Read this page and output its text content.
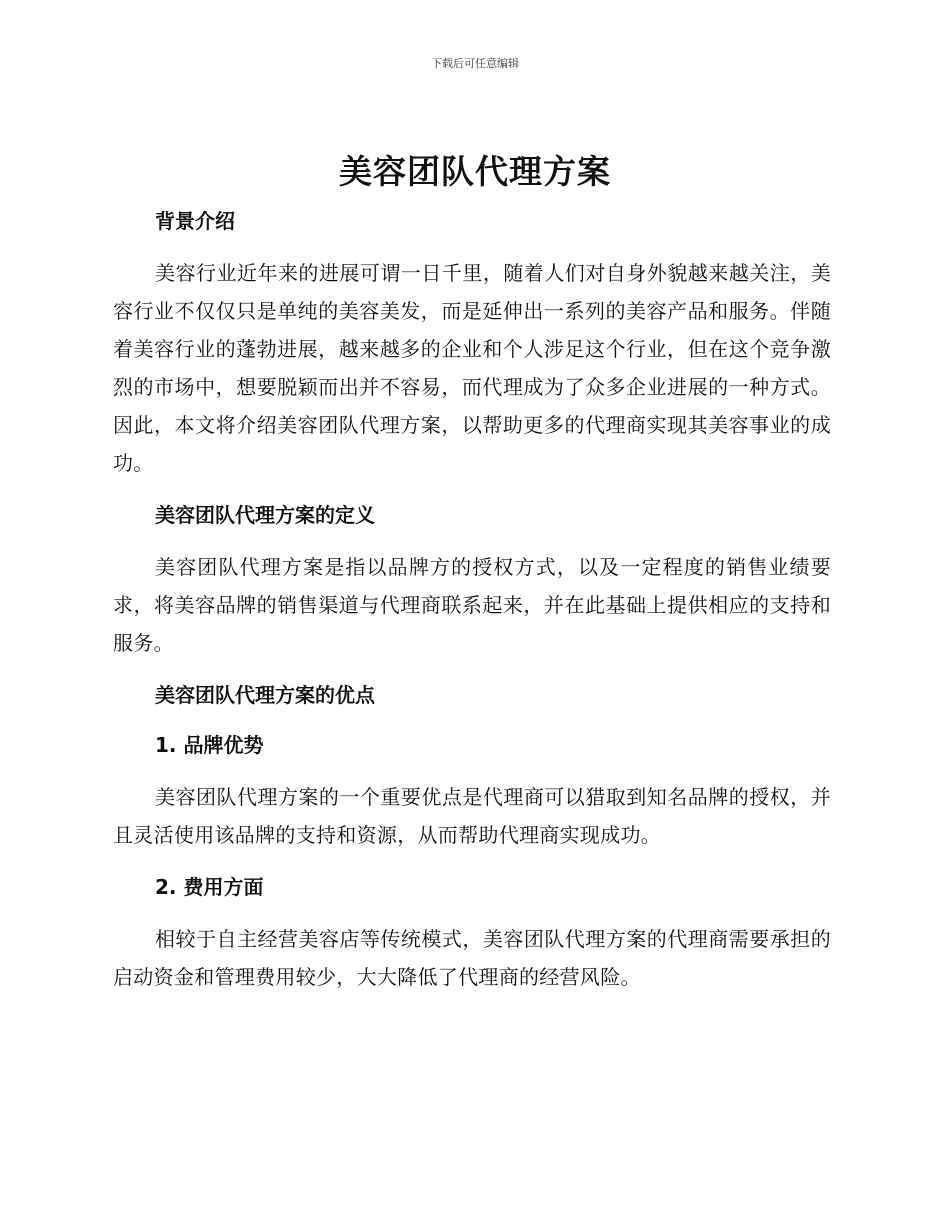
下载后可任意编辑
美容团队代理方案
背景介绍

美容行业近年来的进展可谓一日千里，随着人们对自身外貌越来越关注，美容行业不仅仅只是单纯的美容美发，而是延伸出一系列的美容产品和服务。伴随着美容行业的蓬勃进展，越来越多的企业和个人涉足这个行业，但在这个竞争激烈的市场中，想要脱颖而出并不容易，而代理成为了众多企业进展的一种方式。因此，本文将介绍美容团队代理方案，以帮助更多的代理商实现其美容事业的成功。

美容团队代理方案的定义

美容团队代理方案是指以品牌方的授权方式，以及一定程度的销售业绩要求，将美容品牌的销售渠道与代理商联系起来，并在此基础上提供相应的支持和服务。

美容团队代理方案的优点
1. 品牌优势

美容团队代理方案的一个重要优点是代理商可以猎取到知名品牌的授权，并且灵活使用该品牌的支持和资源，从而帮助代理商实现成功。

2. 费用方面

相较于自主经营美容店等传统模式，美容团队代理方案的代理商需要承担的启动资金和管理费用较少，大大降低了代理商的经营风险。
